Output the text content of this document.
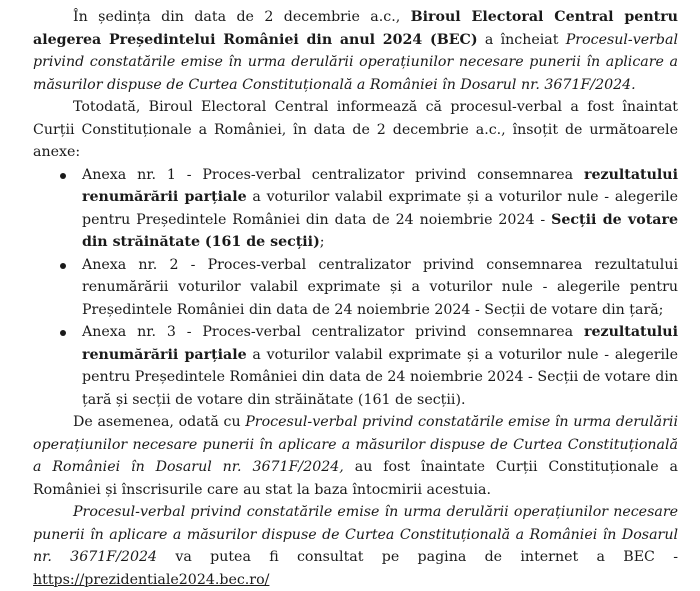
În ședința din data de 2 decembrie a.c., Biroul Electoral Central pentru alegerea Președintelui României din anul 2024 (BEC) a încheiat Procesul-verbal privind constatările emise în urma derulării operațiunilor necesare punerii în aplicare a măsurilor dispuse de Curtea Constituțională a României în Dosarul nr. 3671F/2024.

Totodată, Biroul Electoral Central informează că procesul-verbal a fost înaintat Curții Constituționale a României, în data de 2 decembrie a.c., însoțit de următoarele anexe:

Anexa nr. 1 - Proces-verbal centralizator privind consemnarea rezultatului renumărării parțiale a voturilor valabil exprimate și a voturilor nule - alegerile pentru Președintele României din data de 24 noiembrie 2024 - Secții de votare din străinătate (161 de secții);
Anexa nr. 2 - Proces-verbal centralizator privind consemnarea rezultatului renumărării voturilor valabil exprimate și a voturilor nule - alegerile pentru Președintele României din data de 24 noiembrie 2024 - Secții de votare din țară;
Anexa nr. 3 - Proces-verbal centralizator privind consemnarea rezultatului renumărării parțiale a voturilor valabil exprimate și a voturilor nule - alegerile pentru Președintele României din data de 24 noiembrie 2024 - Secții de votare din țară și secții de votare din străinătate (161 de secții).

De asemenea, odată cu Procesul-verbal privind constatările emise în urma derulării operațiunilor necesare punerii în aplicare a măsurilor dispuse de Curtea Constituțională a României în Dosarul nr. 3671F/2024, au fost înaintate Curții Constituționale a României și înscrisurile care au stat la baza întocmirii acestuia.

Procesul-verbal privind constatările emise în urma derulării operațiunilor necesare punerii în aplicare a măsurilor dispuse de Curtea Constituțională a României în Dosarul nr. 3671F/2024 va putea fi consultat pe pagina de internet a BEC - https://prezidentiale2024.bec.ro/
